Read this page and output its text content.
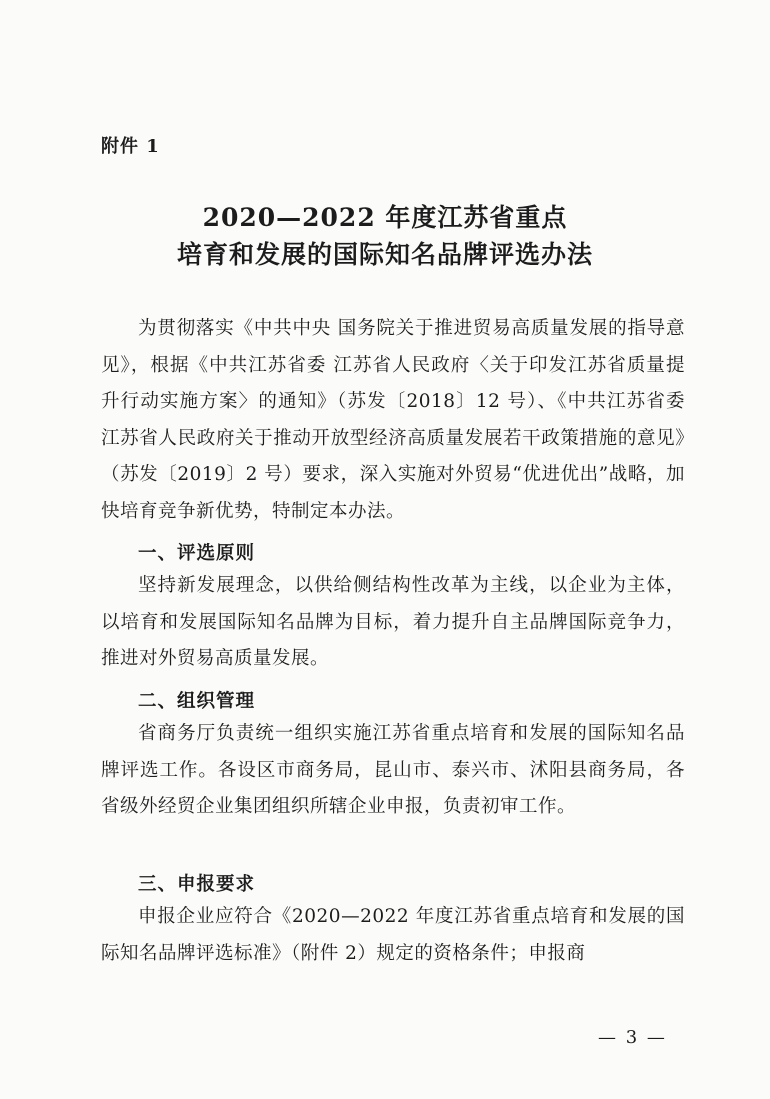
附件 1
2020—2022 年度江苏省重点
培育和发展的国际知名品牌评选办法
为贯彻落实《中共中央 国务院关于推进贸易高质量发展的指导意见》，根据《中共江苏省委 江苏省人民政府〈关于印发江苏省质量提升行动实施方案〉的通知》（苏发〔2018〕12 号）、《中共江苏省委 江苏省人民政府关于推动开放型经济高质量发展若干政策措施的意见》（苏发〔2019〕2 号）要求，深入实施对外贸易“优进优出”战略，加快培育竞争新优势，特制定本办法。
一、评选原则
坚持新发展理念，以供给侧结构性改革为主线，以企业为主体，以培育和发展国际知名品牌为目标，着力提升自主品牌国际竞争力，推进对外贸易高质量发展。
二、组织管理
省商务厅负责统一组织实施江苏省重点培育和发展的国际知名品牌评选工作。各设区市商务局，昆山市、泰兴市、沭阳县商务局，各省级外经贸企业集团组织所辖企业申报，负责初审工作。
三、申报要求
申报企业应符合《2020—2022 年度江苏省重点培育和发展的国际知名品牌评选标准》（附件 2）规定的资格条件；申报商
— 3 —
